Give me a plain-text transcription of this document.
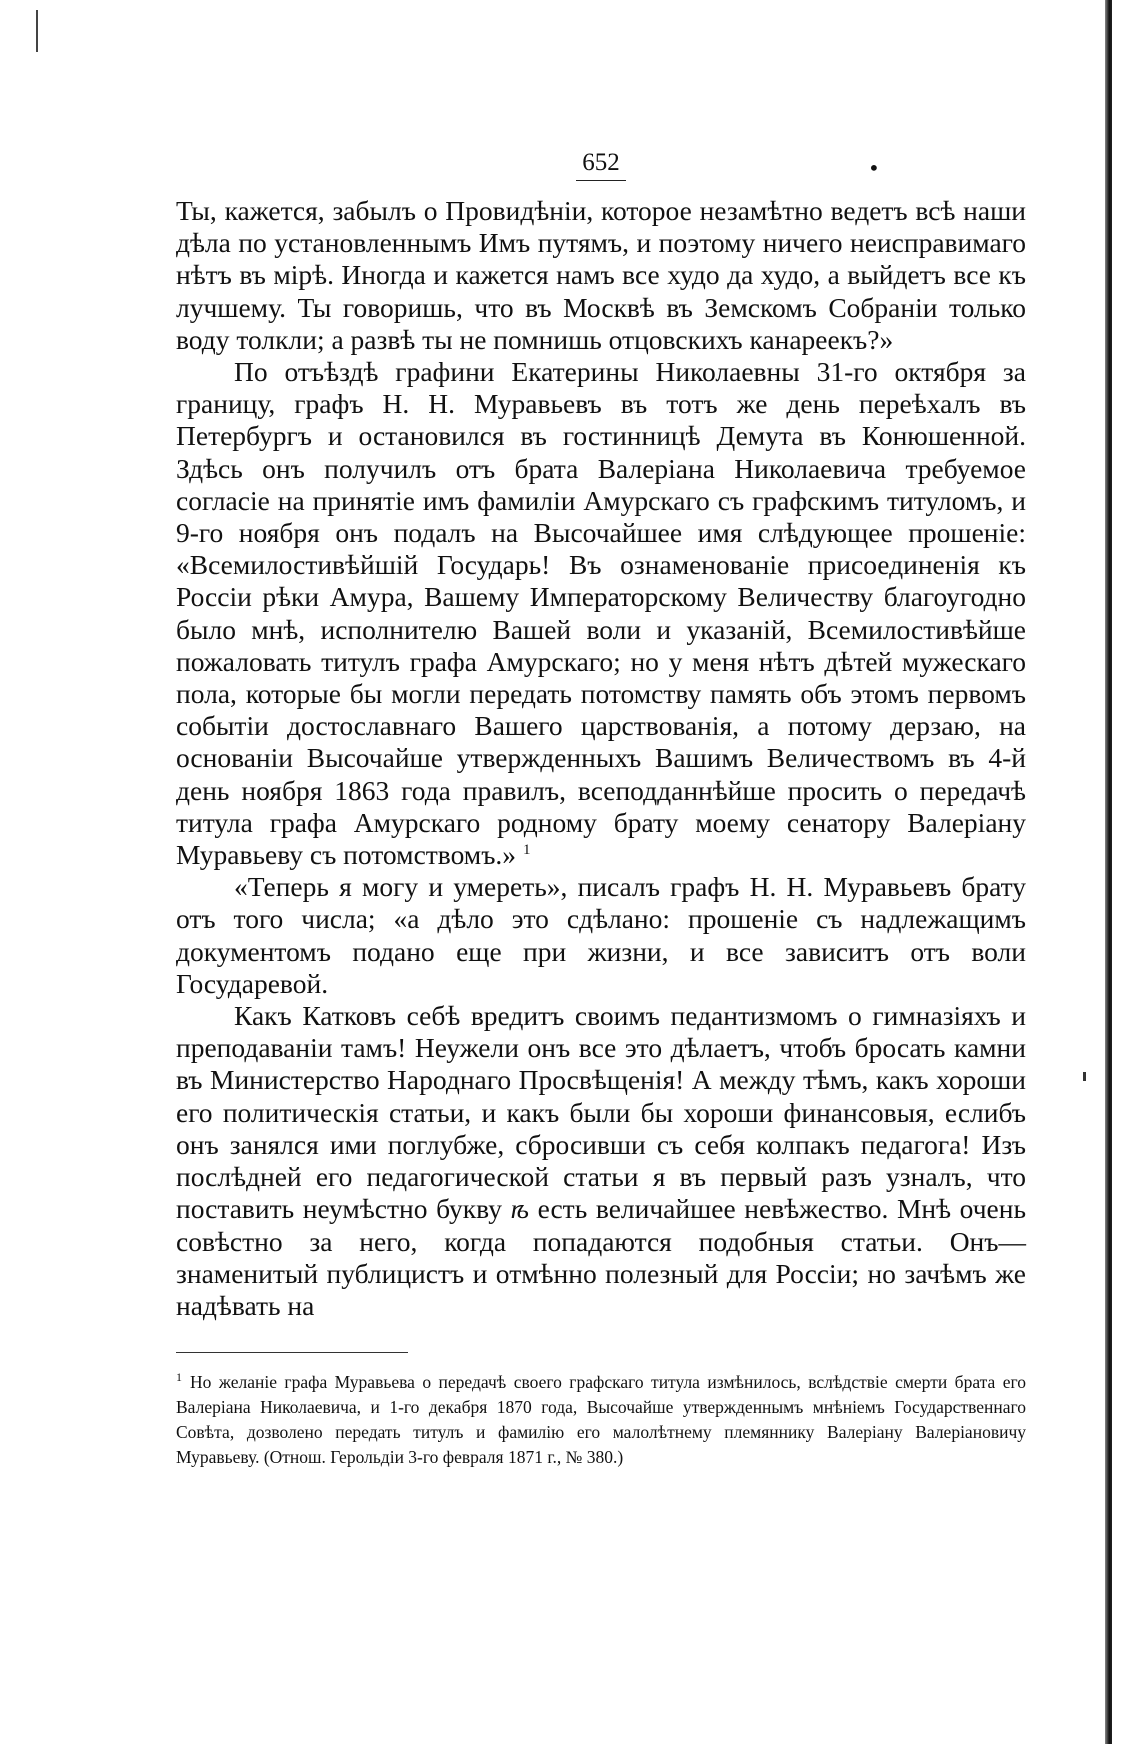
•
652

Ты, кажется, забылъ о Провидѣніи, которое незамѣтно ведетъ всѣ наши дѣла по установленнымъ Имъ путямъ, и поэтому ничего неисправимаго нѣтъ въ мірѣ. Иногда и кажется намъ все худо да худо, а выйдетъ все къ лучшему. Ты говоришь, что въ Москвѣ въ Земскомъ Собраніи только воду толкли; а развѣ ты не помнишь отцовскихъ канареекъ?»

По отъѣздѣ графини Екатерины Николаевны 31-го октября за границу, графъ Н. Н. Муравьевъ въ тотъ же день переѣхалъ въ Петербургъ и остановился въ гостинницѣ Демута въ Конюшенной. Здѣсь онъ получилъ отъ брата Валеріана Николаевича требуемое согласіе на принятіе имъ фамиліи Амурскаго съ графскимъ титуломъ, и 9-го ноября онъ подалъ на Высочайшее имя слѣдующее прошеніе: «Всемилостивѣйшій Государь! Въ ознаменованіе присоединенія къ Россіи рѣки Амура, Вашему Императорскому Величеству благоугодно было мнѣ, исполнителю Вашей воли и указаній, Всемилостивѣйше пожаловать титулъ графа Амурскаго; но у меня нѣтъ дѣтей мужескаго пола, которые бы могли передать потомству память объ этомъ первомъ событіи достославнаго Вашего царствованія, а потому дерзаю, на основаніи Высочайше утвержденныхъ Вашимъ Величествомъ въ 4-й день ноября 1863 года правилъ, всеподданнѣйше просить о передачѣ титула графа Амурскаго родному брату моему сенатору Валеріану Муравьеву съ потомствомъ.» $^1$

«Теперь я могу и умереть», писалъ графъ Н. Н. Муравьевъ брату отъ того числа; «а дѣло это сдѣлано: прошеніе съ надлежащимъ документомъ подано еще при жизни, и все зависитъ отъ воли Государевой.

Какъ Катковъ себѣ вредитъ своимъ педантизмомъ о гимназіяхъ и преподаваніи тамъ! Неужели онъ все это дѣлаетъ, чтобъ бросать камни въ Министерство Народнаго Просвѣщенія! А между тѣмъ, какъ хороши его политическія статьи, и какъ были бы хороши финансовыя, еслибъ онъ занялся ими поглубже, сбросивши съ себя колпакъ педагога! Изъ послѣдней его педагогической статьи я въ первый разъ узналъ, что поставить неумѣстно букву ѣ есть величайшее невѣжество. Мнѣ очень совѣстно за него, когда попадаются подобныя статьи. Онъ—знаменитый публицистъ и отмѣнно полезный для Россіи; но зачѣмъ же надѣвать на

$^1$ Но желаніе графа Муравьева о передачѣ своего графскаго титула измѣнилось, вслѣдствіе смерти брата его Валеріана Николаевича, и 1-го декабря 1870 года, Высочайше утвержденнымъ мнѣніемъ Государственнаго Совѣта, дозволено передать титулъ и фамилію его малолѣтнему племяннику Валеріану Валеріановичу Муравьеву. (Отнош. Герольдіи 3-го февраля 1871 г., № 380.)
